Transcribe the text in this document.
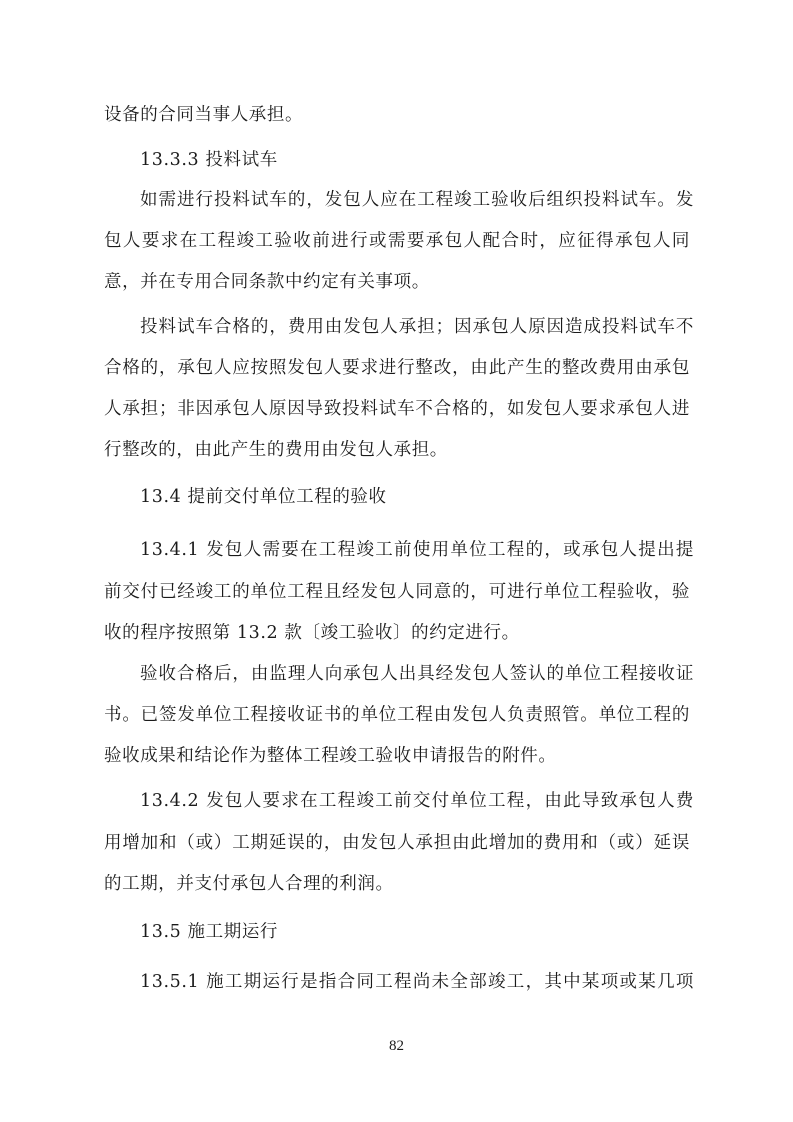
设备的合同当事人承担。
13.3.3 投料试车
如需进行投料试车的，发包人应在工程竣工验收后组织投料试车。发
包人要求在工程竣工验收前进行或需要承包人配合时，应征得承包人同
意，并在专用合同条款中约定有关事项。
投料试车合格的，费用由发包人承担；因承包人原因造成投料试车不
合格的，承包人应按照发包人要求进行整改，由此产生的整改费用由承包
人承担；非因承包人原因导致投料试车不合格的，如发包人要求承包人进
行整改的，由此产生的费用由发包人承担。
13.4 提前交付单位工程的验收
13.4.1 发包人需要在工程竣工前使用单位工程的，或承包人提出提
前交付已经竣工的单位工程且经发包人同意的，可进行单位工程验收，验
收的程序按照第 13.2 款〔竣工验收〕的约定进行。
验收合格后，由监理人向承包人出具经发包人签认的单位工程接收证
书。已签发单位工程接收证书的单位工程由发包人负责照管。单位工程的
验收成果和结论作为整体工程竣工验收申请报告的附件。
13.4.2 发包人要求在工程竣工前交付单位工程，由此导致承包人费
用增加和（或）工期延误的，由发包人承担由此增加的费用和（或）延误
的工期，并支付承包人合理的利润。
13.5 施工期运行
13.5.1 施工期运行是指合同工程尚未全部竣工，其中某项或某几项
82
